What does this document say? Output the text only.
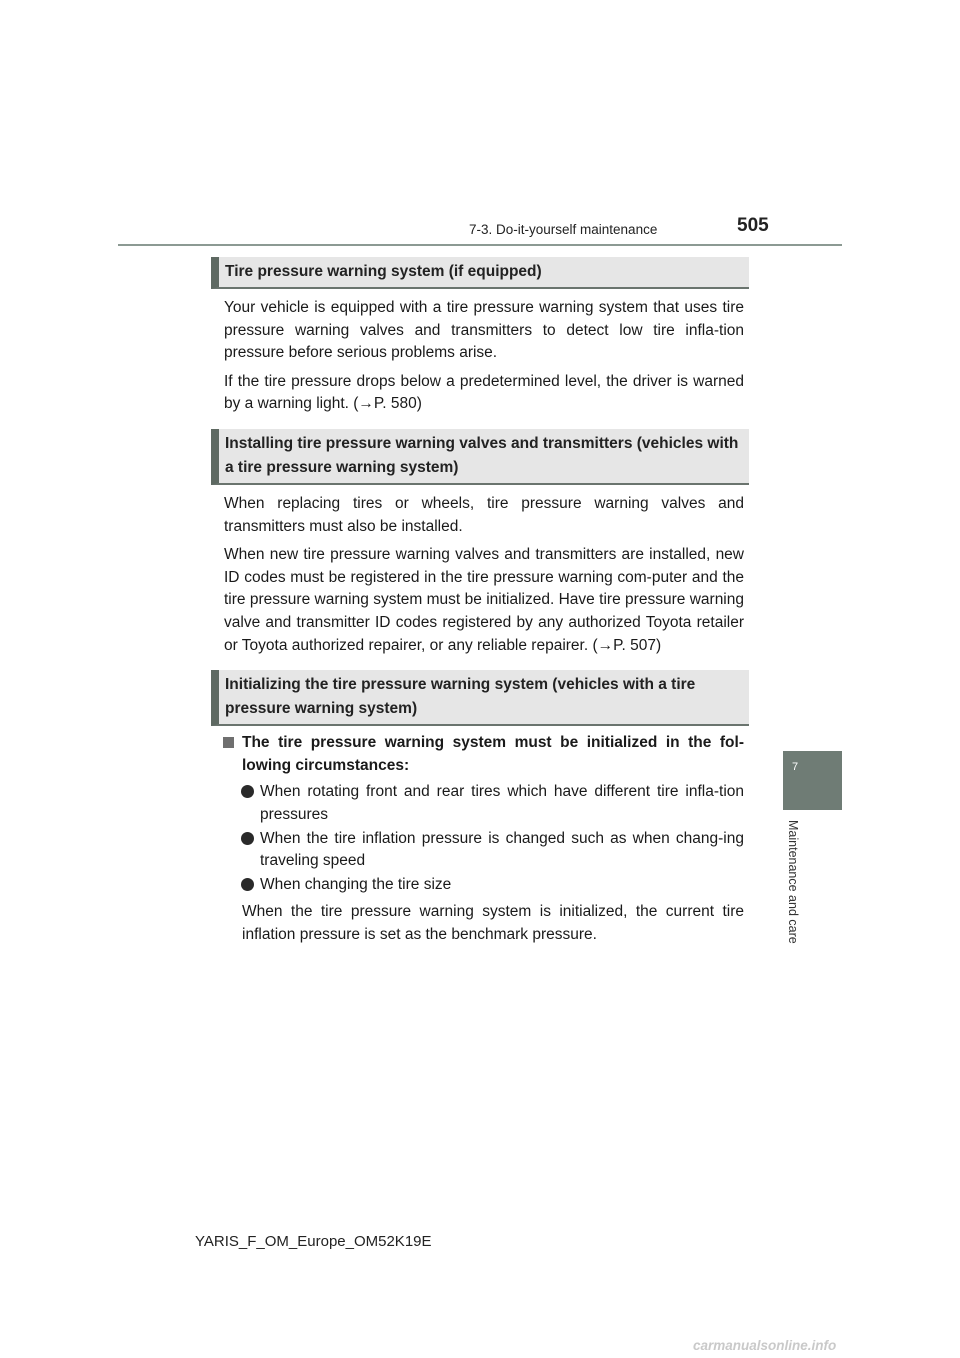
7-3. Do-it-yourself maintenance	505
7
Maintenance and care
Tire pressure warning system (if equipped)

Your vehicle is equipped with a tire pressure warning system that uses tire pressure warning valves and transmitters to detect low tire infla-tion pressure before serious problems arise.

If the tire pressure drops below a predetermined level, the driver is warned by a warning light. (→P. 580)

Installing tire pressure warning valves and transmitters (vehicles with a tire pressure warning system)

When replacing tires or wheels, tire pressure warning valves and transmitters must also be installed.

When new tire pressure warning valves and transmitters are installed, new ID codes must be registered in the tire pressure warning com-puter and the tire pressure warning system must be initialized. Have tire pressure warning valve and transmitter ID codes registered by any authorized Toyota retailer or Toyota authorized repairer, or any reliable repairer. (→P. 507)

Initializing the tire pressure warning system (vehicles with a tire pressure warning system)
The tire pressure warning system must be initialized in the fol-lowing circumstances:
When rotating front and rear tires which have different tire infla-tion pressures
When the tire inflation pressure is changed such as when chang-ing traveling speed
When changing the tire size

When the tire pressure warning system is initialized, the current tire inflation pressure is set as the benchmark pressure.

YARIS_F_OM_Europe_OM52K19E
carmanualsonline.info
